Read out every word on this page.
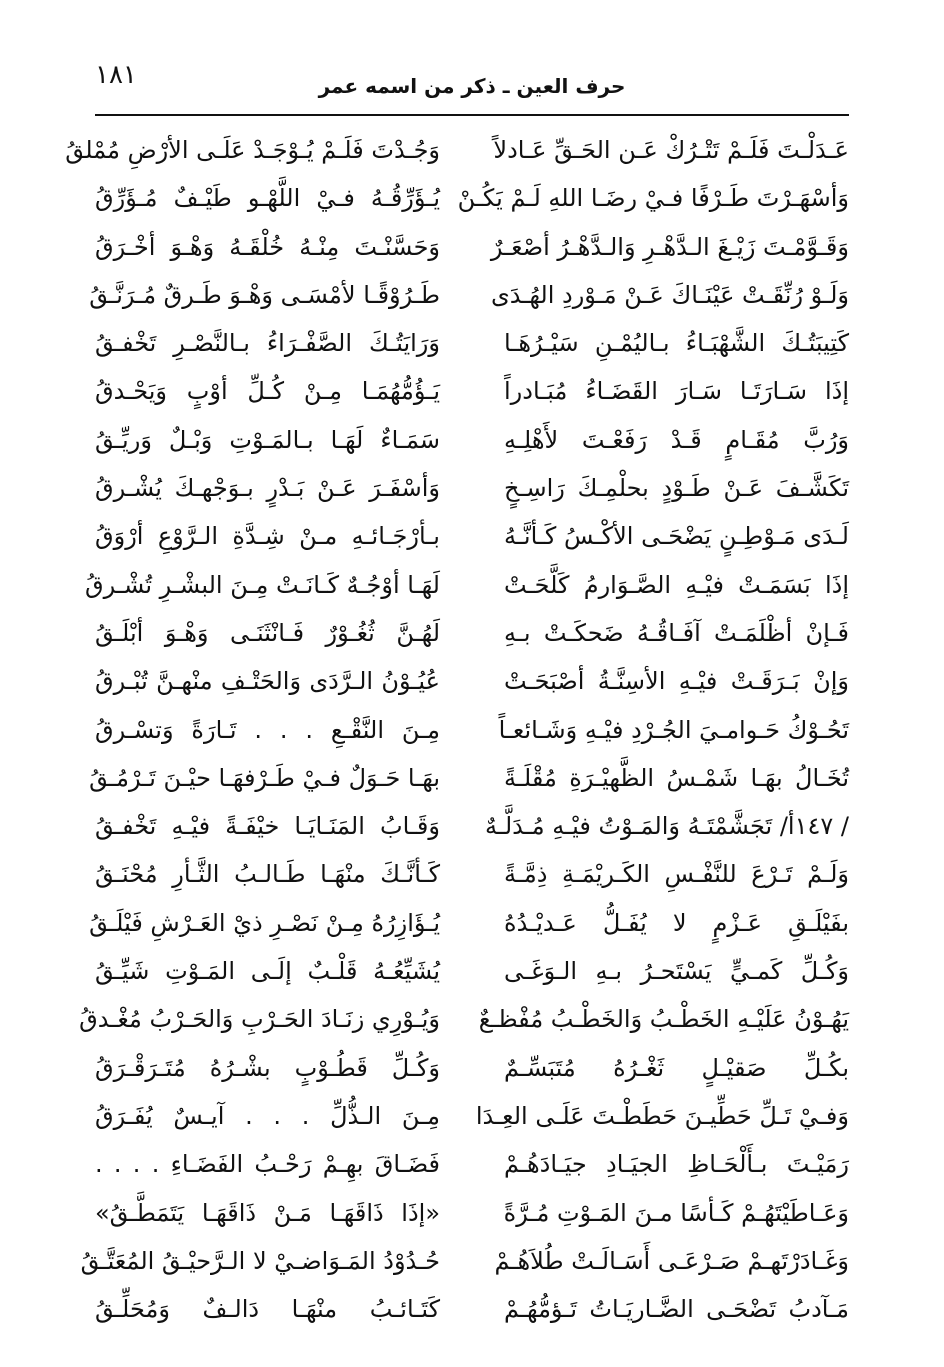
١٨١	حرف العين ـ ذكر من اسمه عمر
عَـدَلْـتَ فَلَـمْ تَتْـرُكْ عَـن الحَـقِّ عَـادلاً
وَأسْهَـرْتَ طَـرْفًا فـيْ رضَـا اللهِ لَـمْ يَكُـنْ
وَقَـوَّمْـتَ زَيْـغَ الـدَّهْـرِ وَالـدَّهْـرُ أصْعَـرٌ
وَلَـوْ رُنِّقَـتْ عَيْنَـاكَ عَـنْ مَـوْردِ الهُـدَى
كَتِيبَتُـكَ الشَّهْبَـاءُ بـاليُمْـنِ سَيْـرُهَـا
إذَا سَـارَتَـا سَـارَ القَضَـاءُ مُبَـادراً
وَرُبَّ مُقَـامٍ قَـدْ رَفَعْـتَ لأَهْلِـهِ
تَكَشَّـفَ عَـنْ طَـوْدٍ بحلْمِـكَ رَاسِـخٍ
لَـدَى مَـوْطِـنٍ يَضْحَـى الأكْـسُ كَـأنَّـهُ
إذَا بَسَمَـتْ فيْـهِ الصَّـوَارمُ كَلَّحَـتْ
فَـإنْ أظْلَمَـتْ آفَـاقُـهُ ضَحكَـتْ بـهِ
وَإنْ بَـرَقَـتْ فيْـهِ الأسِنَّـةُ أصْبَحَـتْ
تَحُـوْكُ حَـوامـيَ الجُـرْدِ فيْـهِ وَشَـائعـاً
تُخَـالُ بهَـا شَمْـسُ الظَّهيْـرَةِ مُقْلَـةً
/ ١٤٧أ/ تَجَشَّمْتَـهُ وَالمَـوْتُ فيْـهِ مُـدَلَّـهٌ
وَلَـمْ تَـرْعَ للنَّفْـسِ الكَـريْمَـةِ ذِمَّـةً
بفَيْلَـقِ عَـزْمٍ لا يُفَـلُّ عَـديْـدُهُ
وَكُـلِّ كَمـيٍّ يَسْتَحـرُ بـهِ الـوَغَـى
يَهُـوْنُ عَلَيْـهِ الخَطْـبُ وَالخَطْـبُ مُفْظـعٌ
بكُـلِّ صَقيْـلٍ ثَغْـرُهُ مُتَبَسِّـمٌ
وَفـيْ تَـلِّ حَطِّيـنَ حَطَطْـتَ عَلَـى العِـدَا
رَمَيْـتَ بـأَلْحَـاظِ الجيَـادِ جيَـادَهُـمْ
وَعَـاطَيْتَهُـمْ كَـأسًا مـنَ المَـوْتِ مُـرَّةً
وَغَـادَرْتَهـمْ صَـرْعَـى أَسَـالَـتْ طُلاَهُـمْ
مَـآدبُ تَضْحَـى الضَّـاريَـاتُ تَـؤمُّهُـمْ
وَجُـدْتَ فَلَـمْ يُـوْجَـدْ عَلَـى الأرْضِ مُمْلقُ
يُـؤَرِّقُـهُ فـيْ اللَّهْـو طَيْـفٌ مُـؤَرِّقُ
وَحَسَّنْـتَ مِنْـهُ خُلْقَـهُ وَهْـوَ أخْـرَقُ
طَـرُوْقًـا لأمْسَـى وَهْـوَ طَـرقٌ مُـرَنَّـقُ
وَرَايَتُـكَ الصَّفْـرَاءُ بـالنَّصْـرِ تَخْفـقُ
يَـؤُمُّهُمَـا مِـنْ كُـلِّ أوْبٍ وَيَحْـدقُ
سَمَـاءٌ لَهَـا بـالمَـوْتِ وَبْـلٌ وَريِّـقُ
وَأسْفَـرَ عَـنْ بَـدْرٍ بـوَجْهـكَ يُشْـرقُ
بـأرْجَـائـهِ مـنْ شِـدَّةِ الـرَّوْعِ أرْوَقُ
لَهَـا أوْجُـهٌ كَـانَـتْ مِـنَ البشْـرِ تُشْـرقُ
لَهُـنَّ ثُغُـوْرٌ فَـانْثَنَـى وَهْـوَ أبْلَـقُ
عُيُـوْنُ الـرَّدَى وَالحَتْـفِ منْهـنَّ تُبْـرقُ
مِـنَ النَّقْـعِ . . . تَـارَةً وَتسْـرقُ
بهَـا حَـوَلٌ فـيْ طَـرْفهَـا حيْـنَ تَـرْمُـقُ
وَقَـابُ المَنَـايَـا خيْفَـةً فيْـهِ تَخْفـقُ
كَـأنَّـكَ منْهَـا طَـالـبُ الثَّـأرِ مُحْنَـقُ
يُـؤَازِرُهُ مِـنْ نَصْـرِ ذيْ العَـرْشِ فَيْلَـقُ
يُشَيِّعُـهُ قَلْـبٌ إلَـى المَـوْتِ شَيِّـقُ
وَيُـوْرِي زنَـادَ الحَـرْبِ وَالحَـرْبُ مُغْـدقُ
وَكُـلِّ قَطُـوْبٍ بشْـرُهُ مُتَـرَقْـرَقُ
مِـنَ الـذُّلِّ . . . آيـسٌ يُفَـرَقُ
فَضَـاقَ بهِـمْ رَحْـبُ الفَضَـاءِ . . . .
«إذَا ذَاقَهَـا مَـنْ ذَاقَهَـا يَتَمَطَّـقُ»
حُـدُوْدُ المَـوَاضـيْ لا الـرَّحيْـقُ المُعَتَّـقُ
كَتَـائـبُ منْهَـا دَالـفٌ وَمُحَلِّـقُ
